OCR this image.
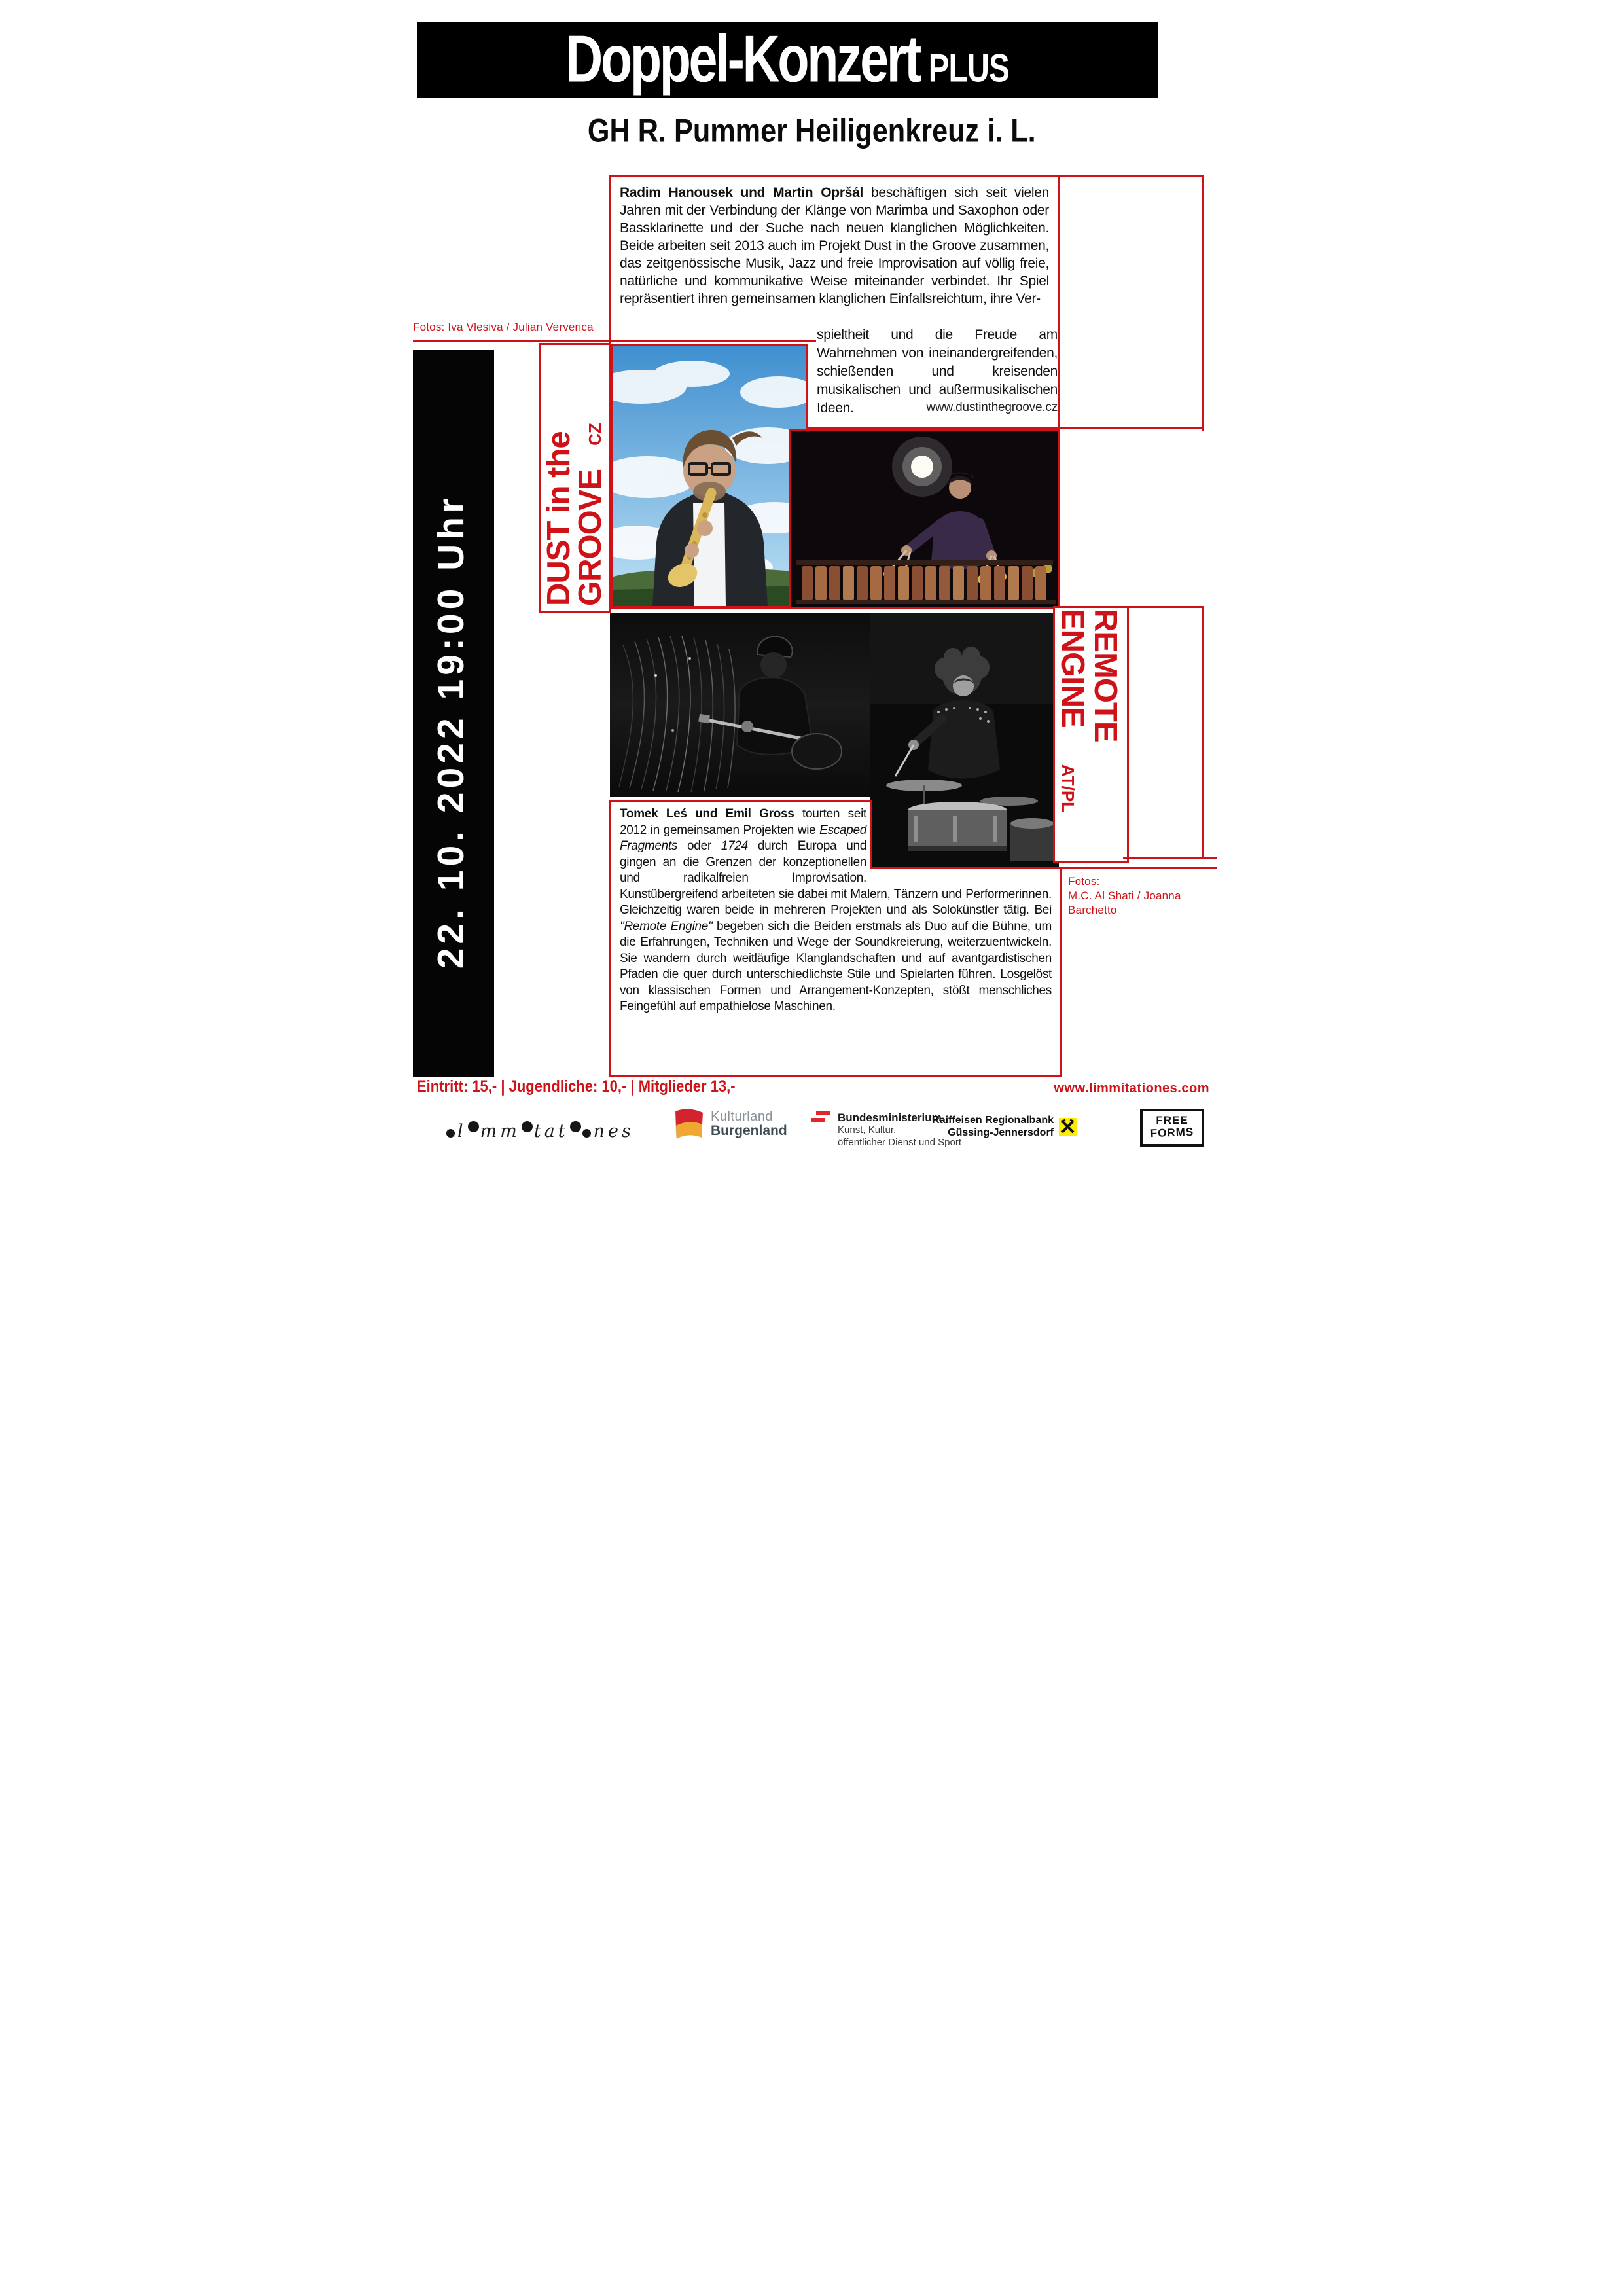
Doppel-Konzert PLUS
GH R. Pummer Heiligenkreuz i. L.
Fotos: Iva Vlesiva / Julian Ververica
DUST in the
GROOVECZ
Radim Hanousek und Martin Opršál beschäftigen sich seit vielen Jahren mit der Verbindung der Klänge von Marimba und Saxophon oder Bassklarinette und der Suche nach neuen klanglichen Möglichkeiten. Beide arbeiten seit 2013 auch im Projekt Dust in the Groove zusammen, das zeitgenössische Musik, Jazz und freie Improvisation auf völlig freie, natürliche und kommunikative Weise miteinander verbindet. Ihr Spiel repräsentiert ihren gemeinsamen klanglichen Einfallsreichtum, ihre Ver-
spieltheit und die Freude am Wahrnehmen von ineinandergreifenden, schießenden und kreisenden musikalischen und außermusikalischen Ideen.	www.dustinthegroove.cz
REMOTE
ENGINEAT/PL
Fotos:
M.C. Al Shati / Joanna Barchetto
Tomek Leś und Emil Gross tourten seit 2012 in gemeinsamen Projekten wie Escaped Fragments oder 1724 durch Europa und gingen an die Grenzen der konzeptionellen und radikalfreien Improvisation. Kunstübergreifend arbeiteten sie dabei mit Malern, Tänzern und Performerinnen. Gleichzeitig waren beide in mehreren Projekten und als Solokünstler tätig. Bei "Remote Engine" begeben sich die Beiden erstmals als Duo auf die Bühne, um die Erfahrungen, Techniken und Wege der Soundkreierung, weiterzuentwickeln. Sie wandern durch weitläufige Klanglandschaften und auf avantgardistischen Pfaden die quer durch unterschiedlichste Stile und Spielarten führen. Losgelöst von klassischen Formen und Arrangement-Konzepten, stößt menschliches Feingefühl auf empathielose Maschinen.
22. 10. 2022 19:00 Uhr
Eintritt: 15,- | Jugendliche: 10,- | Mitglieder 13,-	www.limmitationes.com
l mm tat nes
Kulturland
Burgenland
Bundesministerium
Kunst, Kultur,
öffentlicher Dienst und Sport
Raiffeisen Regionalbank
Güssing-Jennersdorf
FREE
FORMS
